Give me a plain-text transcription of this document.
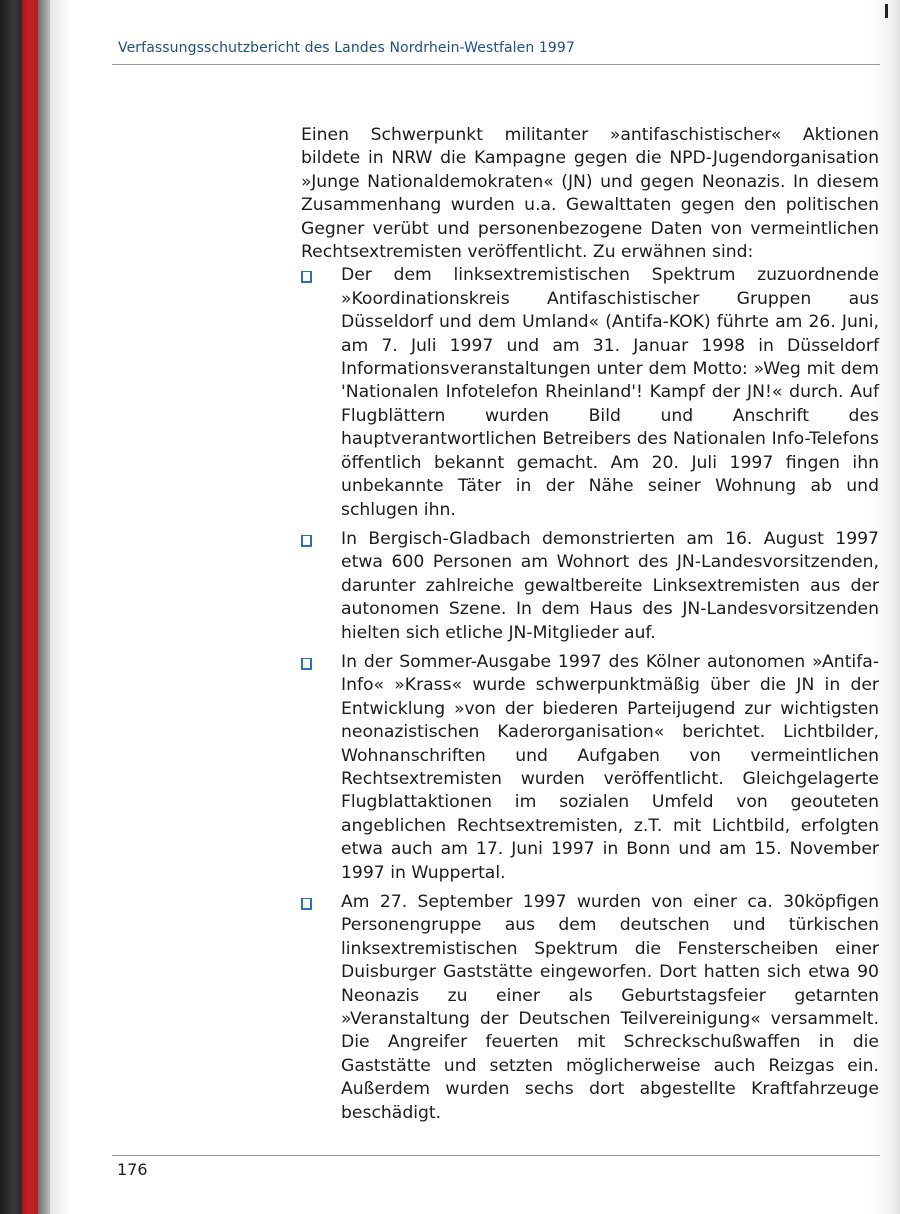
Verfassungsschutzbericht des Landes Nordrhein-Westfalen 1997

Einen Schwerpunkt militanter »antifaschistischer« Aktionen bildete in NRW die Kampagne gegen die NPD-Jugendorganisation »Junge Nationaldemokraten« (JN) und gegen Neonazis. In diesem Zusammenhang wurden u.a. Gewalttaten gegen den politischen Gegner verübt und personenbezogene Daten von vermeintlichen Rechtsextremisten veröffentlicht. Zu erwähnen sind:

Der dem linksextremistischen Spektrum zuzuordnende »Koordinationskreis Antifaschistischer Gruppen aus Düsseldorf und dem Umland« (Antifa-KOK) führte am 26. Juni, am 7. Juli 1997 und am 31. Januar 1998 in Düsseldorf Informationsveranstaltungen unter dem Motto: »Weg mit dem 'Nationalen Infotelefon Rheinland'! Kampf der JN!« durch. Auf Flugblättern wurden Bild und Anschrift des hauptverantwortlichen Betreibers des Nationalen Info-Telefons öffentlich bekannt gemacht. Am 20. Juli 1997 fingen ihn unbekannte Täter in der Nähe seiner Wohnung ab und schlugen ihn.
In Bergisch-Gladbach demonstrierten am 16. August 1997 etwa 600 Personen am Wohnort des JN-Landesvorsitzenden, darunter zahlreiche gewaltbereite Linksextremisten aus der autonomen Szene. In dem Haus des JN-Landesvorsitzenden hielten sich etliche JN-Mitglieder auf.
In der Sommer-Ausgabe 1997 des Kölner autonomen »Antifa-Info« »Krass« wurde schwerpunktmäßig über die JN in der Entwicklung »von der biederen Parteijugend zur wichtigsten neonazistischen Kaderorganisation« berichtet. Lichtbilder, Wohnanschriften und Aufgaben von vermeintlichen Rechtsextremisten wurden veröffentlicht. Gleichgelagerte Flugblattaktionen im sozialen Umfeld von geouteten angeblichen Rechtsextremisten, z.T. mit Lichtbild, erfolgten etwa auch am 17. Juni 1997 in Bonn und am 15. November 1997 in Wuppertal.
Am 27. September 1997 wurden von einer ca. 30köpfigen Personengruppe aus dem deutschen und türkischen linksextremistischen Spektrum die Fensterscheiben einer Duisburger Gaststätte eingeworfen. Dort hatten sich etwa 90 Neonazis zu einer als Geburtstagsfeier getarnten »Veranstaltung der Deutschen Teilvereinigung« versammelt. Die Angreifer feuerten mit Schreckschußwaffen in die Gaststätte und setzten möglicherweise auch Reizgas ein. Außerdem wurden sechs dort abgestellte Kraftfahrzeuge beschädigt.
176
